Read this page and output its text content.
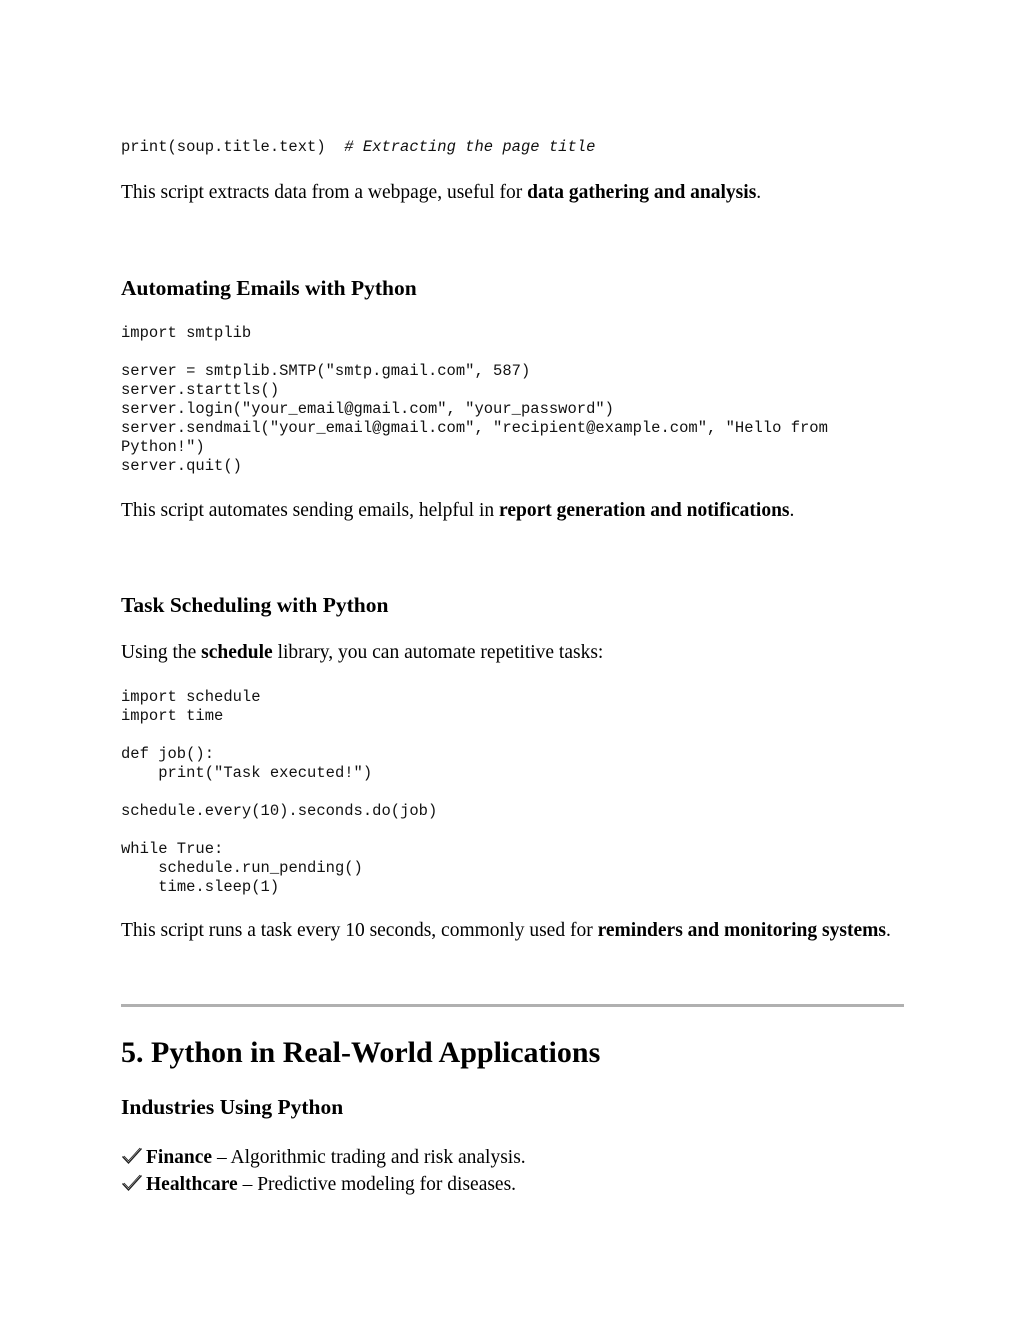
print(soup.title.text)  # Extracting the page title

This script extracts data from a webpage, useful for data gathering and analysis.

Automating Emails with Python
import smtplib

server = smtplib.SMTP("smtp.gmail.com", 587)
server.starttls()
server.login("your_email@gmail.com", "your_password")
server.sendmail("your_email@gmail.com", "recipient@example.com", "Hello from
Python!")
server.quit()

This script automates sending emails, helpful in report generation and notifications.

Task Scheduling with Python

Using the schedule library, you can automate repetitive tasks:

import schedule
import time

def job():
print("Task executed!")

schedule.every(10).seconds.do(job)

while True:
schedule.run_pending()
time.sleep(1)

This script runs a task every 10 seconds, commonly used for reminders and monitoring systems.

5. Python in Real-World Applications
Industries Using Python

Finance – Algorithmic trading and risk analysis.

Healthcare – Predictive modeling for diseases.
